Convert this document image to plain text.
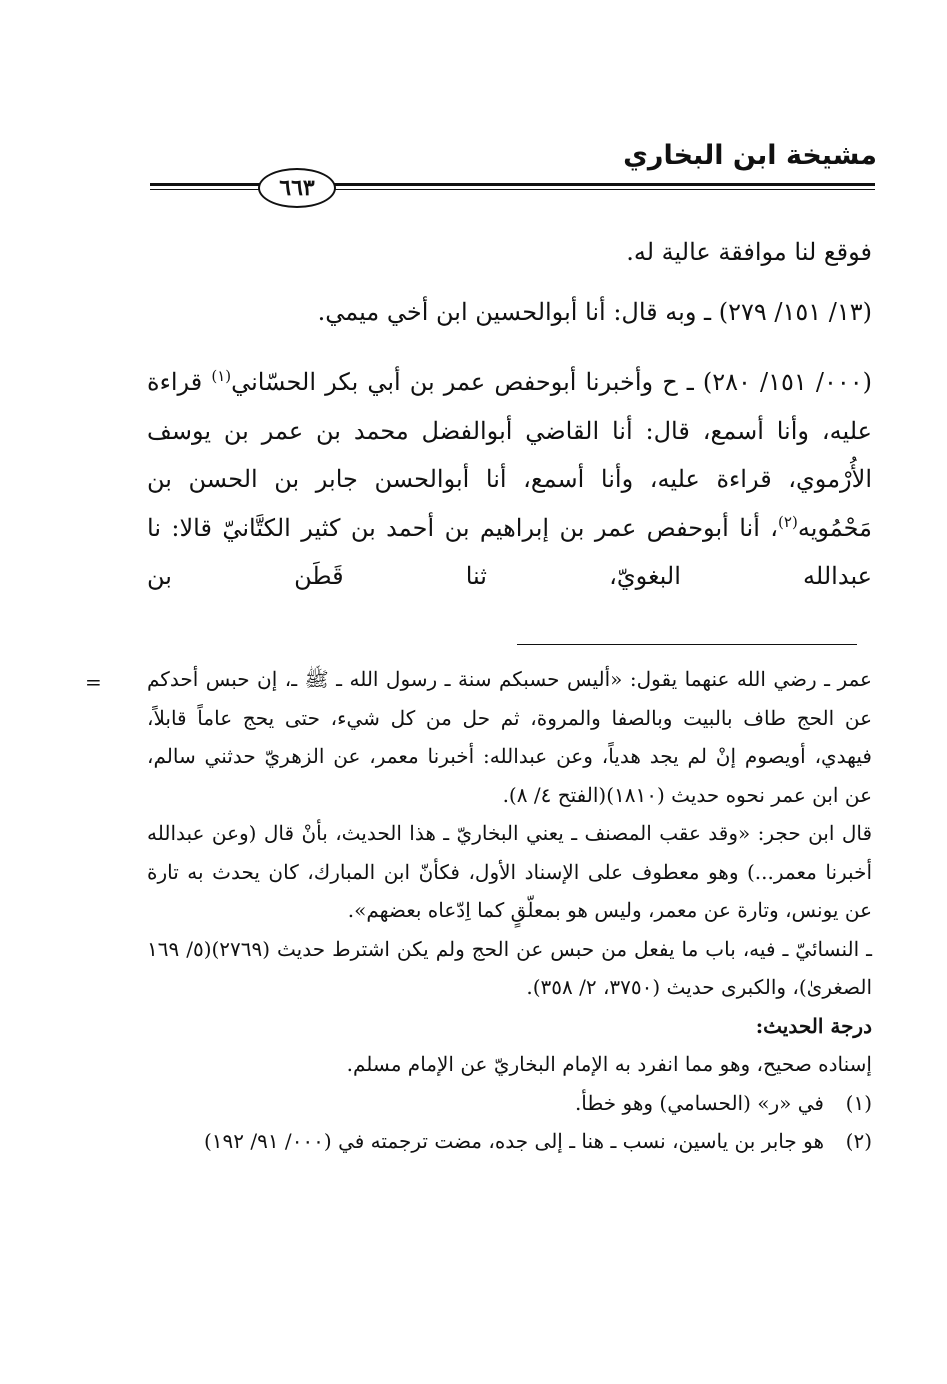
مشيخة ابن البخاري
٦٦٣
فوقع لنا موافقة عالية له.
(١٣/ ١٥١/ ٢٧٩) ـ وبه قال: أنا أبوالحسين ابن أخي ميمي.
(٠٠٠/ ١٥١/ ٢٨٠) ـ ح وأخبرنا أبوحفص عمر بن أبي بكر الحسّاني$^{(١)}$ قراءة عليه، وأنا أسمع، قال: أنا القاضي أبوالفضل محمد بن عمر بن يوسف الأُرْموي، قراءة عليه، وأنا أسمع، أنا أبوالحسن جابر بن الحسن بن مَحْمُويه$^{(٢)}$، أنا أبوحفص عمر بن إبراهيم بن أحمد بن كثير الكتَّانيّ قالا: نا عبدالله البغويّ، ثنا قَطَن بن
= عمر ـ رضي الله عنهما يقول: «أليس حسبكم سنة ـ رسول الله ـ ﷺ ـ، إن حبس أحدكم عن الحج طاف بالبيت وبالصفا والمروة، ثم حل من كل شيء، حتى يحج عاماً قابلاً، فيهدي، أويصوم إنْ لم يجد هدياً، وعن عبدالله: أخبرنا معمر، عن الزهريّ حدثني سالم، عن ابن عمر نحوه حديث (١٨١٠)(الفتح ٤/ ٨).

قال ابن حجر: «وقد عقب المصنف ـ يعني البخاريّ ـ هذا الحديث، بأنْ قال (وعن عبدالله أخبرنا معمر...) وهو معطوف على الإسناد الأول، فكأنّ ابن المبارك، كان يحدث به تارة عن يونس، وتارة عن معمر، وليس هو بمعلّقٍ كما اِدّعاه بعضهم».

ـ النسائيّ ـ فيه، باب ما يفعل من حبس عن الحج ولم يكن اشترط حديث (٢٧٦٩)(٥/ ١٦٩ الصغرىٰ)، والكبرى حديث (٣٧٥٠، ٢/ ٣٥٨).

درجة الحديث:

إسناده صحيح، وهو مما انفرد به الإمام البخاريّ عن الإمام مسلم.

(١)
في «ر» (الحسامي) وهو خطأ.
(٢)
هو جابر بن ياسين، نسب ـ هنا ـ إلى جده، مضت ترجمته في (٠٠٠/ ٩١/ ١٩٢)
